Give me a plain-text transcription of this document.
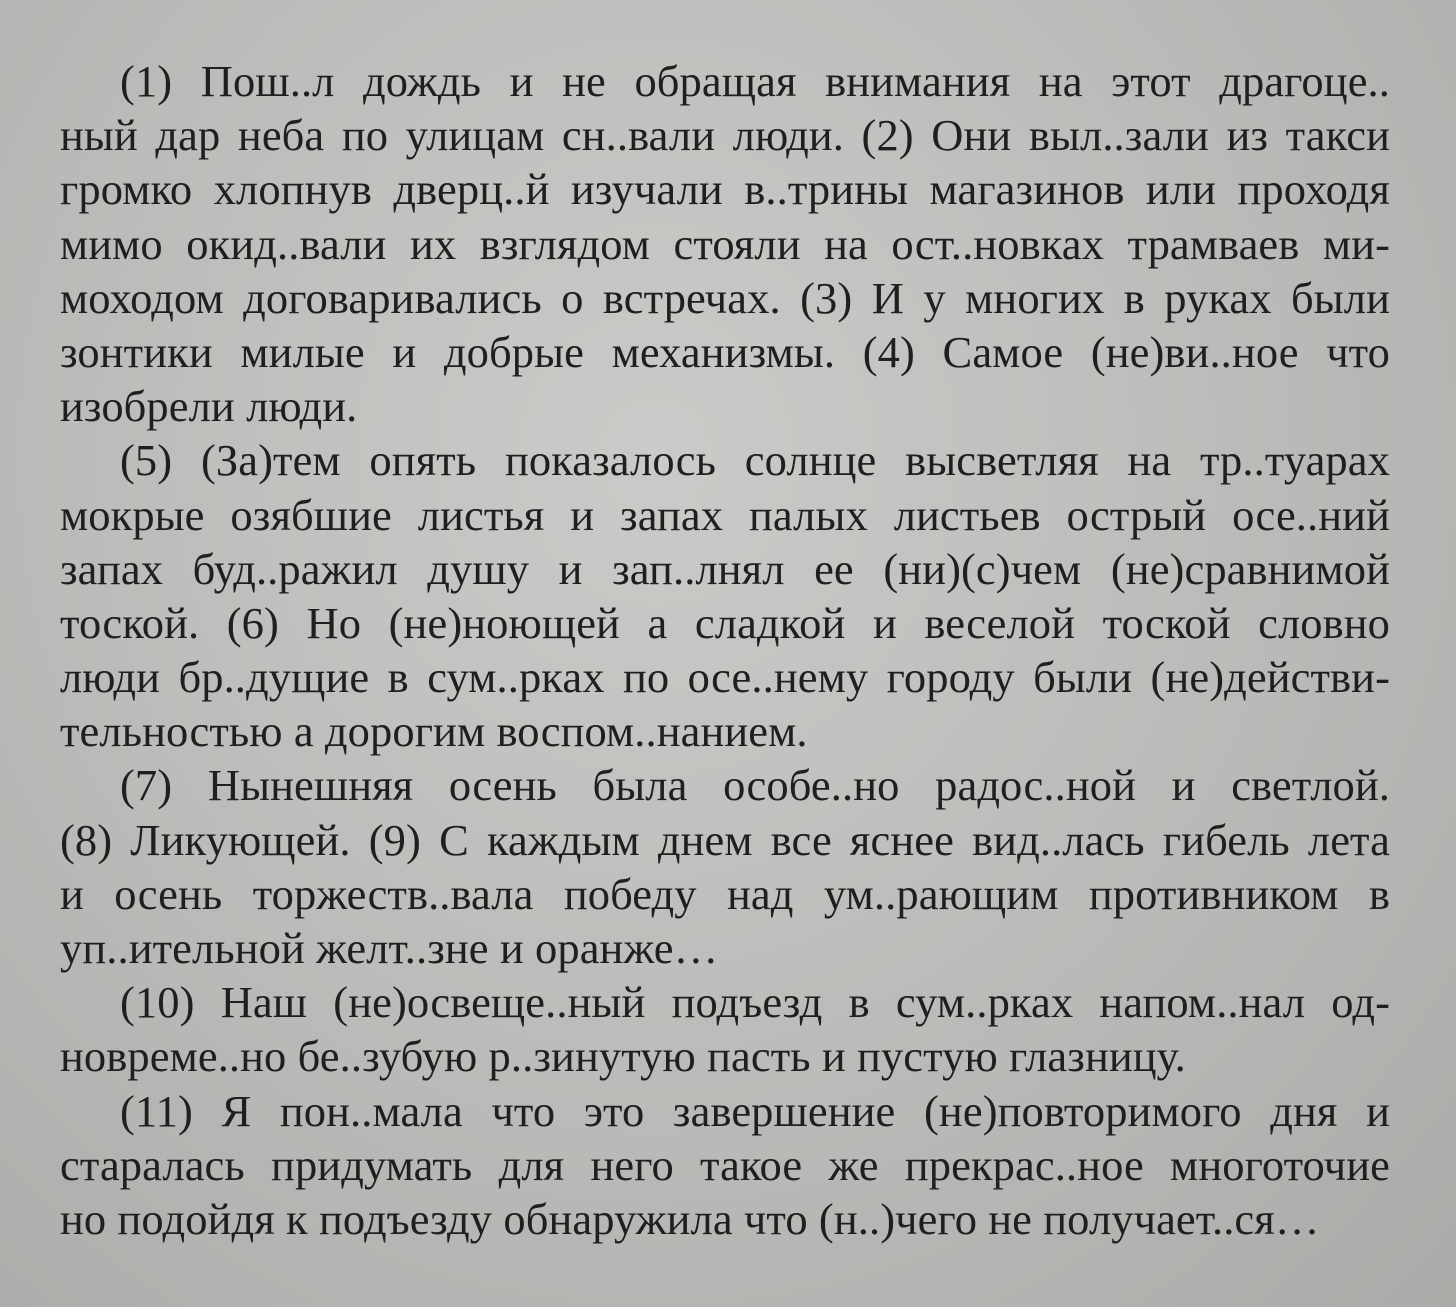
(1) Пош..л дождь и не обращая внимания на этот драгоце..
ный дар неба по улицам сн..вали люди. (2) Они выл..зали из такси
громко хлопнув дверц..й изучали в..трины магазинов или проходя
мимо окид..вали их взглядом стояли на ост..новках трамваев ми-
моходом договаривались о встречах. (3) И у многих в руках были
зонтики милые и добрые механизмы. (4) Самое (не)ви..ное что
изобрели люди.
(5) (За)тем опять показалось солнце высветляя на тр..туарах
мокрые озябшие листья и запах палых листьев острый осе..ний
запах буд..ражил душу и зап..лнял ее (ни)(с)чем (не)сравнимой
тоской. (6) Но (не)ноющей а сладкой и веселой тоской словно
люди бр..дущие в сум..рках по осе..нему городу были (не)действи-
тельностью а дорогим воспом..нанием.
(7) Нынешняя осень была особе..но радос..ной и светлой.
(8) Ликующей. (9) С каждым днем все яснее вид..лась гибель лета
и осень торжеств..вала победу над ум..рающим противником в
уп..ительной желт..зне и оранже…
(10) Наш (не)освеще..ный подъезд в сум..рках напом..нал од-
новреме..но бе..зубую р..зинутую пасть и пустую глазницу.
(11) Я пон..мала что это завершение (не)повторимого дня и
старалась придумать для него такое же прекрас..ное многоточие
но подойдя к подъезду обнаружила что (н..)чего не получает..ся…
